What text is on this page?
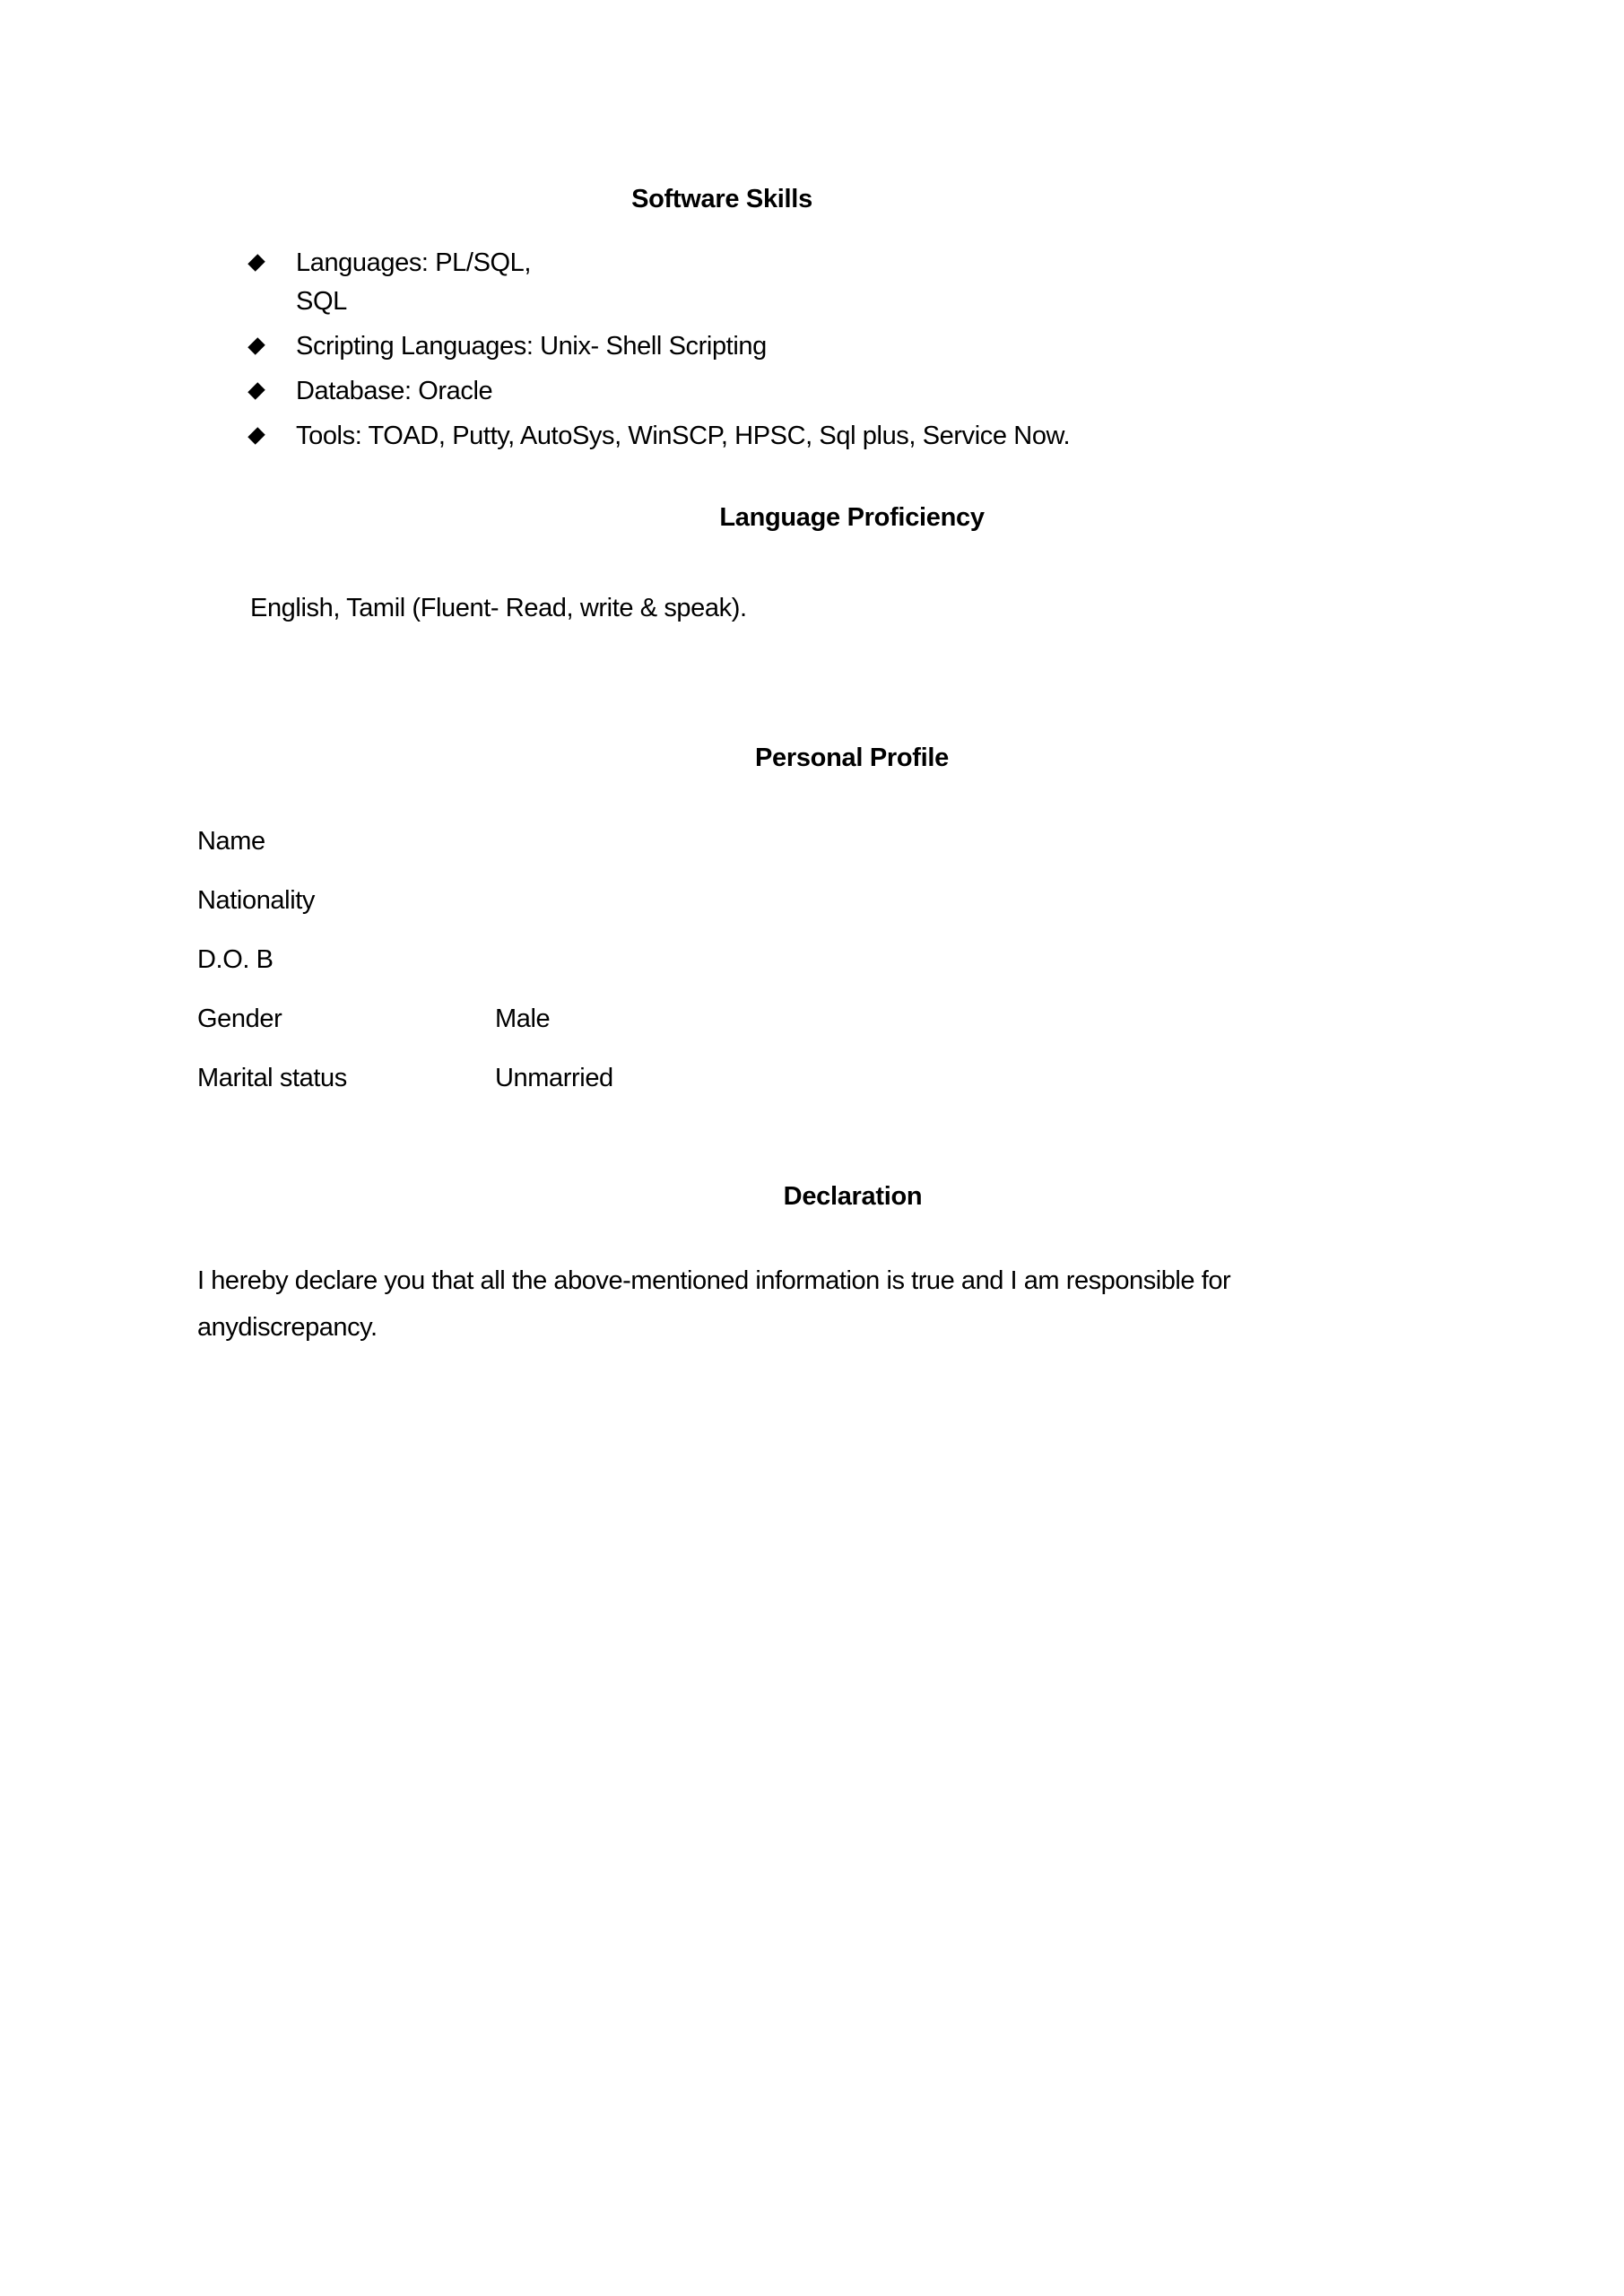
Software Skills
Languages: PL/SQL,
SQL
Scripting Languages: Unix- Shell Scripting
Database: Oracle
Tools: TOAD, Putty, AutoSys, WinSCP, HPSC, Sql plus, Service Now.
Language Proficiency
English, Tamil (Fluent- Read, write & speak).
Personal Profile
Name
Nationality
D.O. B
Gender	Male
Marital status	Unmarried
Declaration
I hereby declare you that all the above-mentioned information is true and I am responsible for
anydiscrepancy.
